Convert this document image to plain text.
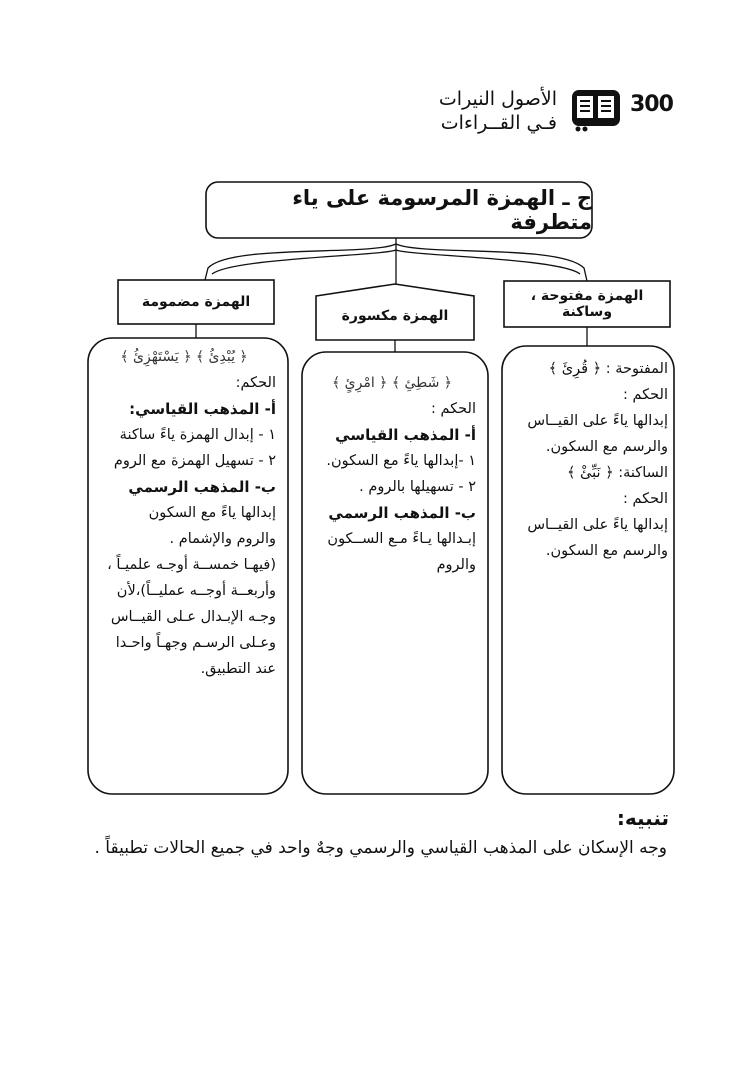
300
الأصول النيرات
فـي القــراءات
ج ـ الهمزة المرسومة على ياء متطرفة
الهمزة مضمومة
الهمزة مكسورة
الهمزة مفتوحة ، وساكنة
المفتوحة : ﴿ قُرِئَ ﴾
الحكم :
إبدالها ياءً على القيــاس
والرسم مع السكون.
الساكنة: ﴿ نَبِّئْ ﴾
الحكم :
إبدالها ياءً على القيــاس
والرسم مع السكون.
﴿ شَطِئِ ﴾ ﴿ امْرِئٍ ﴾
الحكم :
أ- المذهب القياسي
١ -إبدالها ياءً مع السكون.
٢ - تسهيلها بالروم .
ب- المذهب الرسمي
إبـدالها يـاءً مـع الســكون
والروم
﴿ يُبْدِئُ ﴾ ﴿ يَسْتَهْزِئُ ﴾
الحكم:
أ- المذهب القياسي:
١ - إبدال الهمزة ياءً ساكنة
٢ - تسهيل الهمزة مع الروم
ب- المذهب الرسمي
إبدالها ياءً مع السكون
والروم والإشمام .
(فيهـا خمســة أوجـه علميـاً ،
وأربعــة أوجــه عمليــاً)،لأن
وجـه الإبـدال عـلى القيــاس
وعـلى الرسـم وجهـاً واحـدا
عند التطبيق.
تنبيه:
وجه الإسكان على المذهب القياسي والرسمي وجهٌ واحد في جميع الحالات تطبيقاً .
